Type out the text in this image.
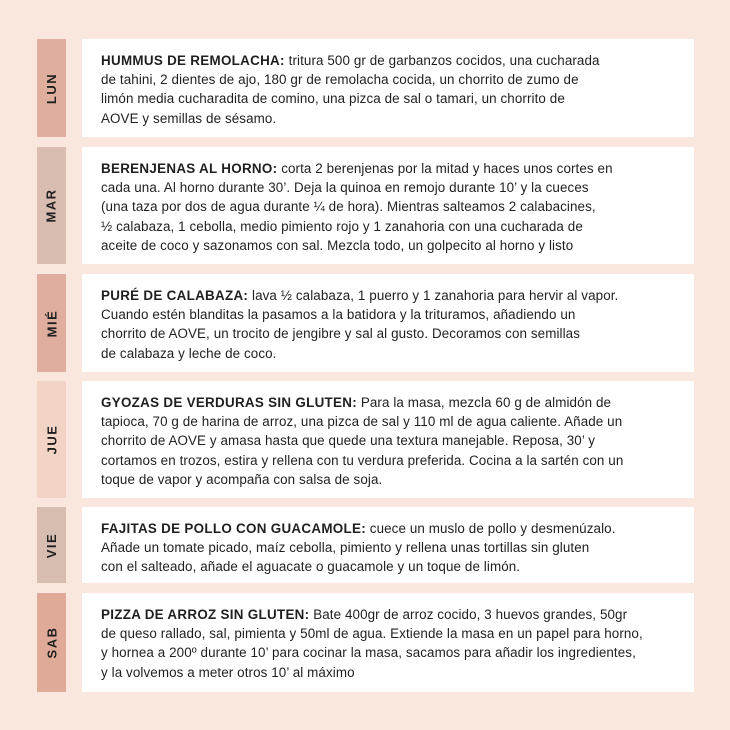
LUN

HUMMUS DE REMOLACHA: tritura 500 gr de garbanzos cocidos, una cucharada
de tahini, 2 dientes de ajo, 180 gr de remolacha cocida, un chorrito de zumo de
limón media cucharadita de comino, una pizca de sal o tamari, un chorrito de
AOVE y semillas de sésamo.

MAR

BERENJENAS AL HORNO: corta 2 berenjenas por la mitad y haces unos cortes en
cada una. Al horno durante 30’. Deja la quinoa en remojo durante 10’ y la cueces
(una taza por dos de agua durante ¼ de hora). Mientras salteamos 2 calabacines,
½ calabaza, 1 cebolla, medio pimiento rojo y 1 zanahoria con una cucharada de
aceite de coco y sazonamos con sal. Mezcla todo, un golpecito al horno y listo

MIÉ

PURÉ DE CALABAZA: lava ½ calabaza, 1 puerro y 1 zanahoria para hervir al vapor.
Cuando estén blanditas la pasamos a la batidora y la trituramos, añadiendo un
chorrito de AOVE, un trocito de jengibre y sal al gusto. Decoramos con semillas
de calabaza y leche de coco.

JUE

GYOZAS DE VERDURAS SIN GLUTEN: Para la masa, mezcla 60 g de almidón de
tapioca, 70 g de harina de arroz, una pizca de sal y 110 ml de agua caliente. Añade un
chorrito de AOVE y amasa hasta que quede una textura manejable. Reposa, 30’ y
cortamos en trozos, estira y rellena con tu verdura preferida. Cocina a la sartén con un
toque de vapor y acompaña con salsa de soja.

VIE

FAJITAS DE POLLO CON GUACAMOLE: cuece un muslo de pollo y desmenúzalo.
Añade un tomate picado, maíz cebolla, pimiento y rellena unas tortillas sin gluten
con el salteado, añade el aguacate o guacamole y un toque de limón.

SAB

PIZZA DE ARROZ SIN GLUTEN: Bate 400gr de arroz cocido, 3 huevos grandes, 50gr
de queso rallado, sal, pimienta y 50ml de agua. Extiende la masa en un papel para horno,
y hornea a 200º durante 10’ para cocinar la masa, sacamos para añadir los ingredientes,
y la volvemos a meter otros 10’ al máximo
